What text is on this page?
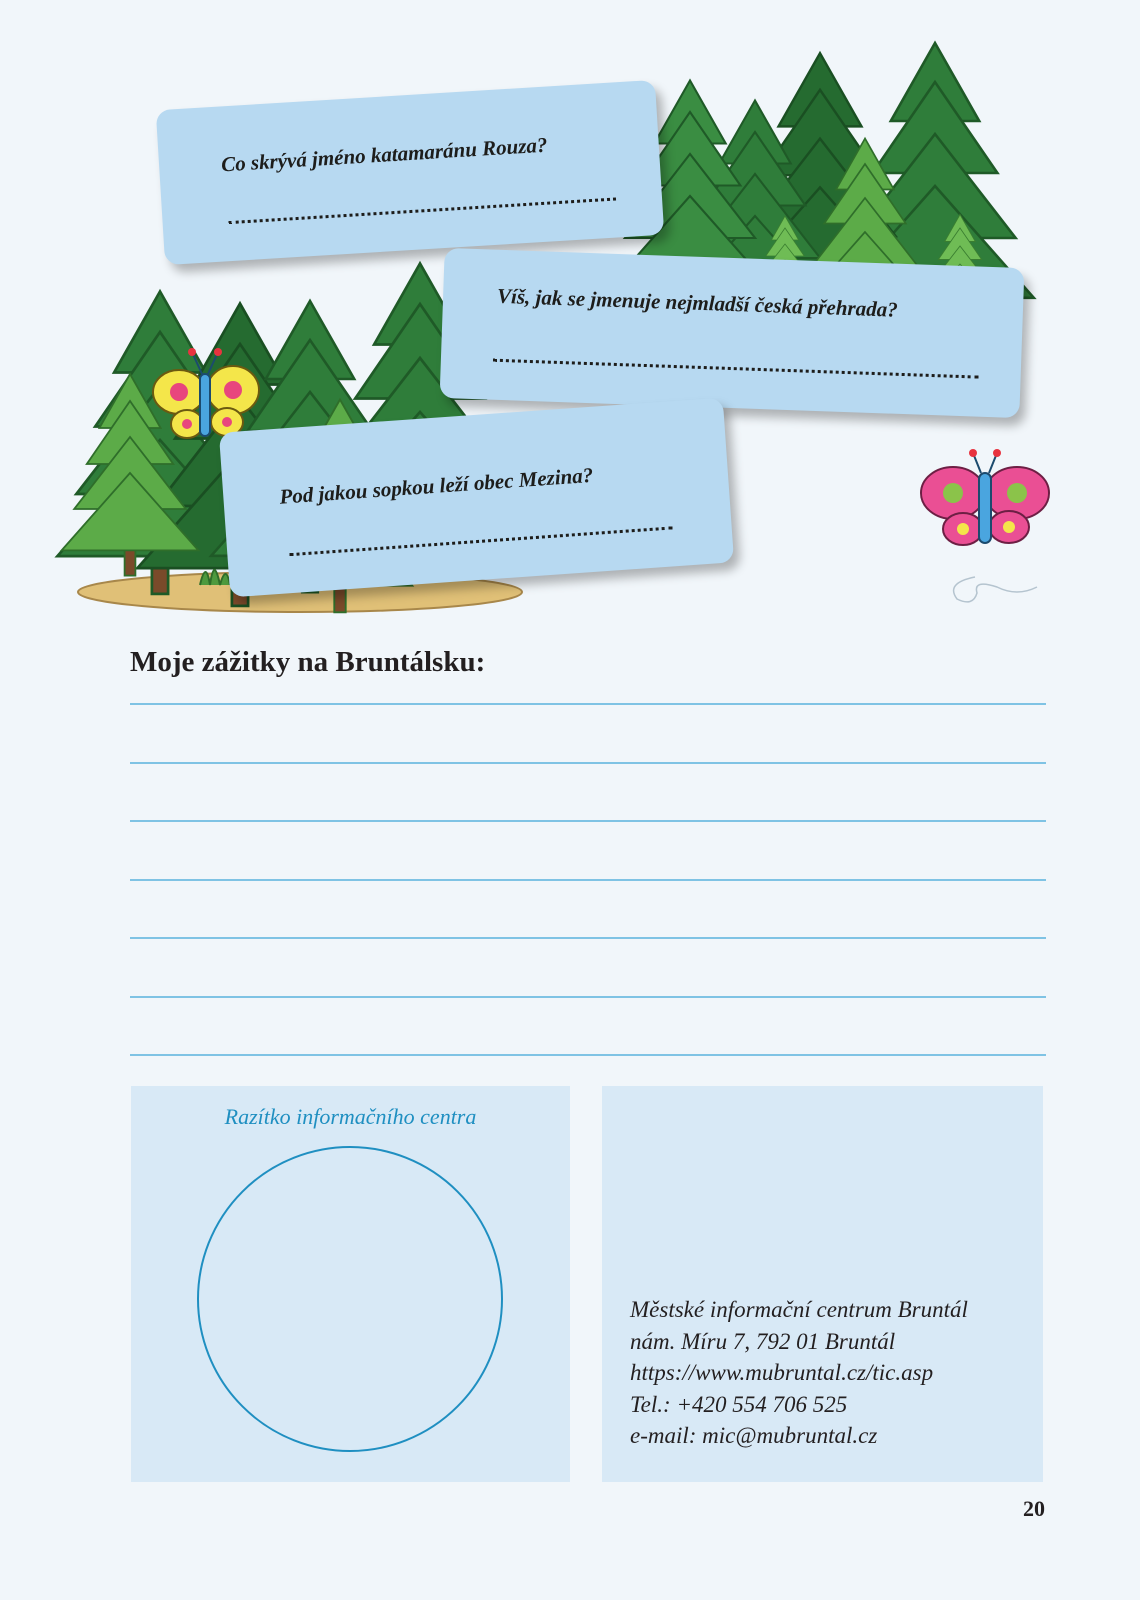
Co skrývá jméno katamaránu Rouza?
Víš, jak se jmenuje nejmladší česká přehrada?
Pod jakou sopkou leží obec Mezina?
Moje zážitky na Bruntálsku:
Razítko informačního centra
Městské informační centrum Bruntál
nám. Míru 7, 792 01 Bruntál
https://www.mubruntal.cz/tic.asp
Tel.: +420 554 706 525
e-mail: mic@mubruntal.cz
20
